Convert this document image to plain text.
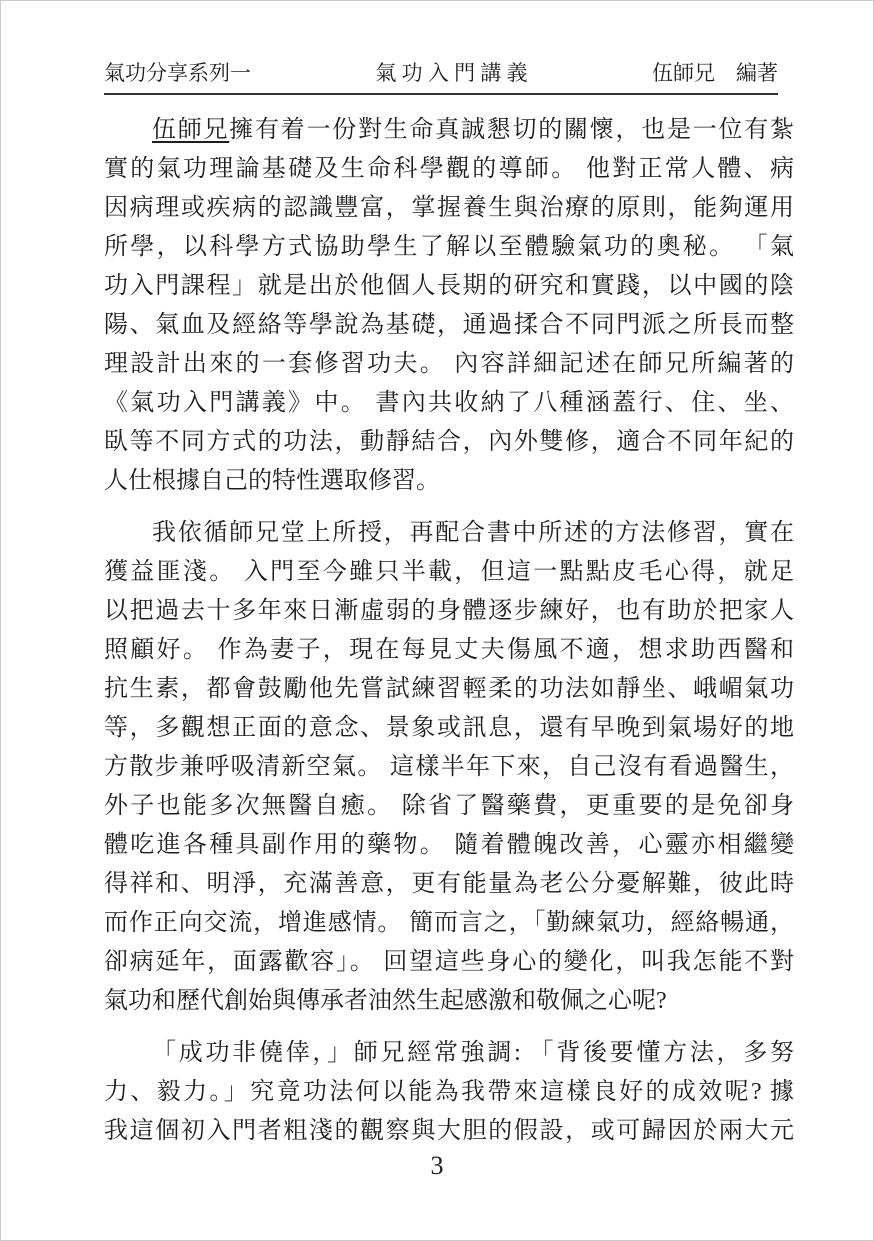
氣功分享系列一	氣 功 入 門 講 義	伍師兄　編著
伍師兄擁有着一份對生命真誠懇切的關懷，也是一位有紮
實的氣功理論基礎及生命科學觀的導師。 他對正常人體、病
因病理或疾病的認識豐富，掌握養生與治療的原則，能夠運用
所學，以科學方式協助學生了解以至體驗氣功的奧秘。 「氣
功入門課程」就是出於他個人長期的研究和實踐，以中國的陰
陽、氣血及經絡等學說為基礎，通過揉合不同門派之所長而整
理設計出來的一套修習功夫。 內容詳細記述在師兄所編著的
《氣功入門講義》中。 書內共收納了八種涵蓋行、住、坐、
臥等不同方式的功法，動靜結合，內外雙修，適合不同年紀的
人仕根據自己的特性選取修習。
我依循師兄堂上所授，再配合書中所述的方法修習，實在
獲益匪淺。 入門至今雖只半載，但這一點點皮毛心得，就足
以把過去十多年來日漸虛弱的身體逐步練好，也有助於把家人
照顧好。 作為妻子，現在每見丈夫傷風不適，想求助西醫和
抗生素，都會鼓勵他先嘗試練習輕柔的功法如靜坐、峨嵋氣功
等，多觀想正面的意念、景象或訊息，還有早晚到氣場好的地
方散步兼呼吸清新空氣。 這樣半年下來，自己沒有看過醫生，
外子也能多次無醫自癒。 除省了醫藥費，更重要的是免卻身
體吃進各種具副作用的藥物。 隨着體魄改善，心靈亦相繼變
得祥和、明淨，充滿善意，更有能量為老公分憂解難，彼此時
而作正向交流，增進感情。 簡而言之，「勤練氣功，經絡暢通，
卻病延年，面露歡容」。 回望這些身心的變化，叫我怎能不對
氣功和歷代創始與傳承者油然生起感激和敬佩之心呢?
「成功非僥倖，」師兄經常強調: 「背後要懂方法，多努
力、毅力。」究竟功法何以能為我帶來這樣良好的成效呢? 據
我這個初入門者粗淺的觀察與大胆的假設，或可歸因於兩大元
3
